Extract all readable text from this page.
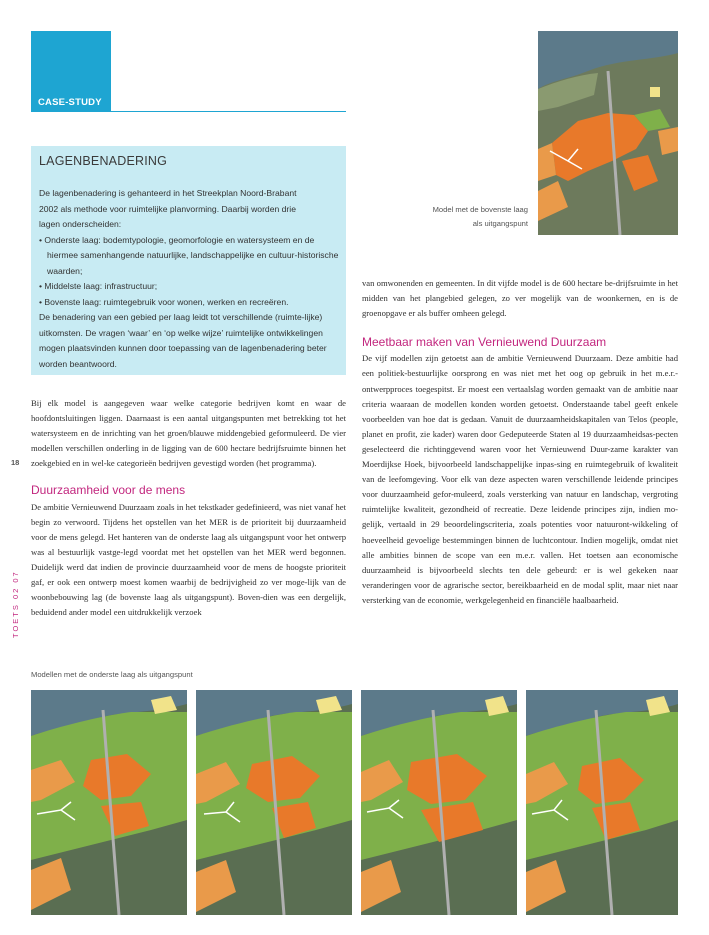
CASE-STUDY
LAGENBENADERING

De lagenbenadering is gehanteerd in het Streekplan Noord-Brabant

2002 als methode voor ruimtelijke planvorming. Daarbij worden drie

lagen onderscheiden:

• Onderste laag: bodemtypologie, geomorfologie en watersysteem en de hiermee samenhangende natuurlijke, landschappelijke en cultuur-historische waarden;

• Middelste laag: infrastructuur;

• Bovenste laag: ruimtegebruik voor wonen, werken en recreëren.

De benadering van een gebied per laag leidt tot verschillende (ruimte-lijke) uitkomsten. De vragen ‘waar’ en ‘op welke wijze’ ruimtelijke ontwikkelingen mogen plaatsvinden kunnen door toepassing van de lagenbenadering beter worden beantwoord.

Bij elk model is aangegeven waar welke categorie bedrijven komt en waar de hoofdontsluitingen liggen. Daarnaast is een aantal uitgangspunten met betrekking tot het watersysteem en de inrichting van het groen/blauwe middengebied geformuleerd. De vier modellen verschillen onderling in de ligging van de 600 hectare bedrijfsruimte binnen het zoekgebied en in wel-ke categorieën bedrijven gevestigd worden (het programma).

Duurzaamheid voor de mens

De ambitie Vernieuwend Duurzaam zoals in het tekstkader gedefinieerd, was niet vanaf het begin zo verwoord. Tijdens het opstellen van het MER is de prioriteit bij duurzaamheid voor de mens gelegd. Het hanteren van de onderste laag als uitgangspunt voor het ontwerp was al bestuurlijk vastge-legd voordat met het opstellen van het MER werd begonnen. Duidelijk werd dat indien de provincie duurzaamheid voor de mens de hoogste prioriteit gaf, er ook een ontwerp moest komen waarbij de bedrijvigheid zo ver moge-lijk van de woonbebouwing lag (de bovenste laag als uitgangspunt). Boven-dien was een dergelijk, beduidend ander model een uitdrukkelijk verzoek

18
TOETS 02 07
Model met de bovenste laag
als uitgangspunt

van omwonenden en gemeenten. In dit vijfde model is de 600 hectare be-drijfsruimte in het midden van het plangebied gelegen, zo ver mogelijk van de woonkernen, en is de groenopgave er als buffer omheen gelegd.

Meetbaar maken van Vernieuwend Duurzaam

De vijf modellen zijn getoetst aan de ambitie Vernieuwend Duurzaam. Deze ambitie had een politiek-bestuurlijke oorsprong en was niet met het oog op gebruik in het m.e.r.-ontwerpproces toegespitst. Er moest een vertaalslag worden gemaakt van de ambitie naar criteria waaraan de modellen konden worden getoetst. Onderstaande tabel geeft enkele voorbeelden van hoe dat is gedaan. Vanuit de duurzaamheidskapitalen van Telos (people, planet en profit, zie kader) waren door Gedeputeerde Staten al 19 duurzaamheidsas-pecten geselecteerd die richtinggevend waren voor het Vernieuwend Duur-zame karakter van Moerdijkse Hoek, bijvoorbeeld landschappelijke inpas-sing en ruimtegebruik of kwaliteit van de leefomgeving. Voor elk van deze aspecten waren verschillende leidende principes voor duurzaamheid gefor-muleerd, zoals versterking van natuur en landschap, vergroting ruimtelijke kwaliteit, gezondheid of recreatie. Deze leidende principes zijn, indien mo-gelijk, vertaald in 29 beoordelingscriteria, zoals potenties voor natuuront-wikkeling of hoeveelheid gevoelige bestemmingen binnen de luchtcontour. Indien mogelijk, omdat niet alle ambities binnen de scope van een m.e.r. vallen. Het toetsen aan economische duurzaamheid is bijvoorbeeld slechts ten dele gebeurd: er is wel gekeken naar veranderingen voor de agrarische sector, bereikbaarheid en de modal split, maar niet naar versterking van de economie, werkgelegenheid en financiële haalbaarheid.

Modellen met de onderste laag als uitgangspunt
